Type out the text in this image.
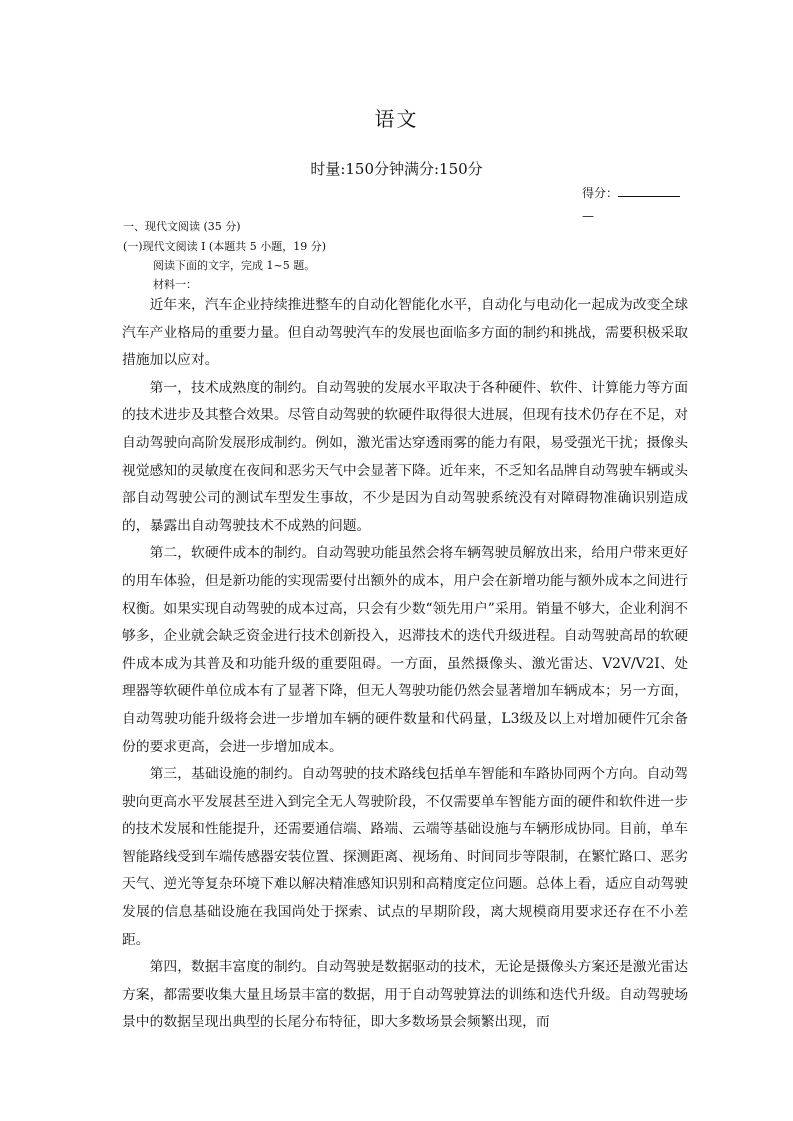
语文
时量:150分钟满分:150分
得分：
—
一、现代文阅读 (35 分)
(一)现代文阅读 I (本题共 5 小题，19 分)
阅读下面的文字，完成 1~5 题。
材料一：

近年来，汽车企业持续推进整车的自动化智能化水平，自动化与电动化一起成为改变全球汽车产业格局的重要力量。但自动驾驶汽车的发展也面临多方面的制约和挑战，需要积极采取措施加以应对。

第一，技术成熟度的制约。自动驾驶的发展水平取决于各种硬件、软件、计算能力等方面的技术进步及其整合效果。尽管自动驾驶的软硬件取得很大进展，但现有技术仍存在不足，对自动驾驶向高阶发展形成制约。例如，激光雷达穿透雨雾的能力有限，易受强光干扰；摄像头视觉感知的灵敏度在夜间和恶劣天气中会显著下降。近年来，不乏知名品牌自动驾驶车辆或头部自动驾驶公司的测试车型发生事故，不少是因为自动驾驶系统没有对障碍物准确识别造成的，暴露出自动驾驶技术不成熟的问题。

第二，软硬件成本的制约。自动驾驶功能虽然会将车辆驾驶员解放出来，给用户带来更好的用车体验，但是新功能的实现需要付出额外的成本，用户会在新增功能与额外成本之间进行权衡。如果实现自动驾驶的成本过高，只会有少数“领先用户”采用。销量不够大，企业利润不够多，企业就会缺乏资金进行技术创新投入，迟滞技术的迭代升级进程。自动驾驶高昂的软硬件成本成为其普及和功能升级的重要阻碍。一方面，虽然摄像头、激光雷达、V2V/V2I、处理器等软硬件单位成本有了显著下降，但无人驾驶功能仍然会显著增加车辆成本；另一方面，自动驾驶功能升级将会进一步增加车辆的硬件数量和代码量，L3级及以上对增加硬件冗余备份的要求更高，会进一步增加成本。

第三，基础设施的制约。自动驾驶的技术路线包括单车智能和车路协同两个方向。自动驾驶向更高水平发展甚至进入到完全无人驾驶阶段，不仅需要单车智能方面的硬件和软件进一步的技术发展和性能提升，还需要通信端、路端、云端等基础设施与车辆形成协同。目前，单车智能路线受到车端传感器安装位置、探测距离、视场角、时间同步等限制，在繁忙路口、恶劣天气、逆光等复杂环境下难以解决精准感知识别和高精度定位问题。总体上看，适应自动驾驶发展的信息基础设施在我国尚处于探索、试点的早期阶段，离大规模商用要求还存在不小差距。

第四，数据丰富度的制约。自动驾驶是数据驱动的技术，无论是摄像头方案还是激光雷达方案，都需要收集大量且场景丰富的数据，用于自动驾驶算法的训练和迭代升级。自动驾驶场景中的数据呈现出典型的长尾分布特征，即大多数场景会频繁出现，而
